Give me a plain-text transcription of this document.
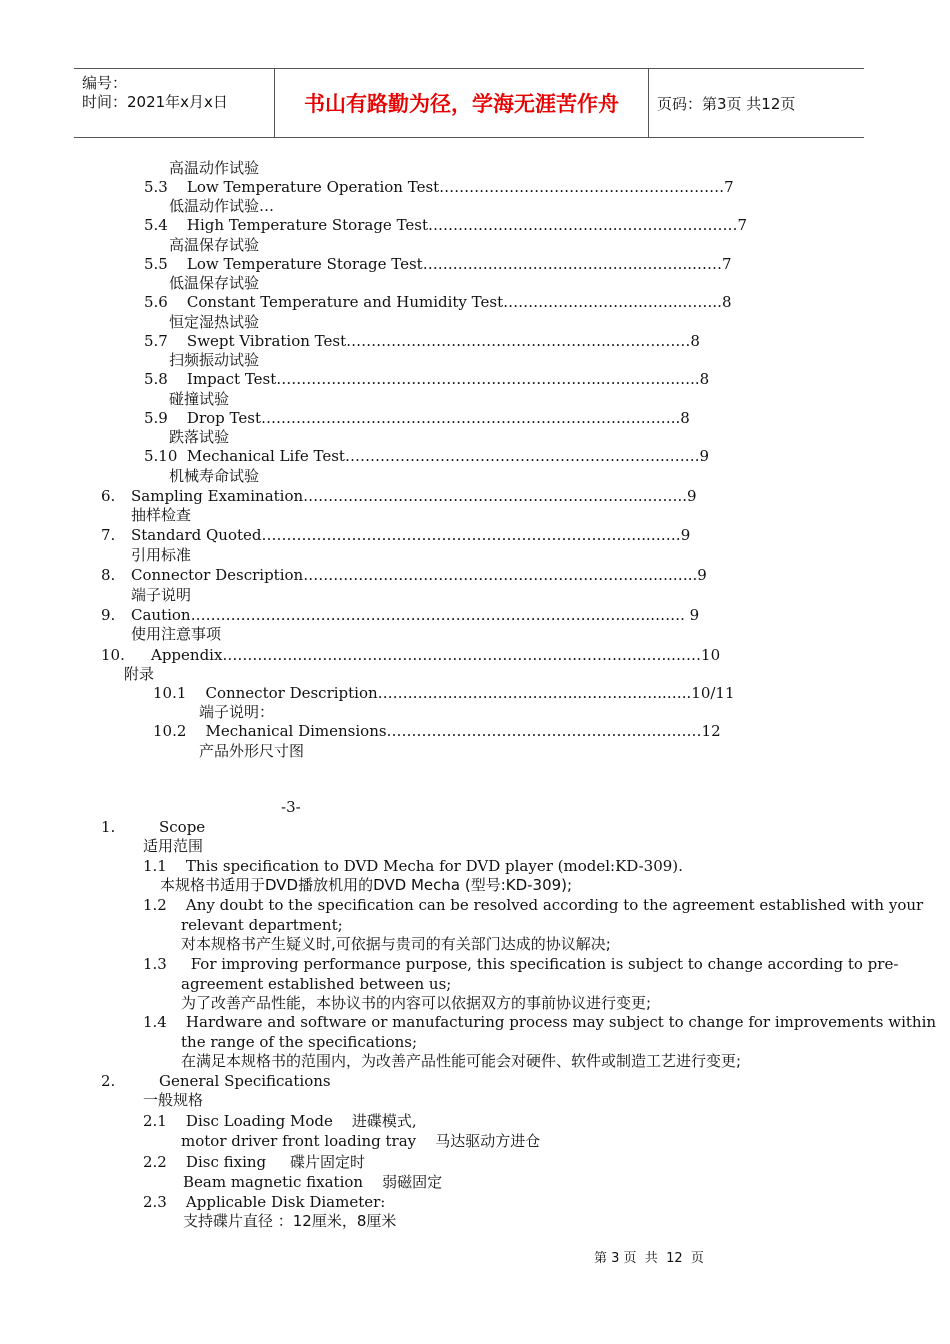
编号：
时间：2021年x月x日	书山有路勤为径，学海无涯苦作舟	页码：第3页 共12页
高温动作试验
5.3    Low Temperature Operation Test…………………………………………………7
低温动作试验…
5.4    High Temperature Storage Test………………………………..……………………7
高温保存试验
5.5    Low Temperature Storage Test…………………………………….………..……7
低温保存试验
5.6    Constant Temperature and Humidity Test……………………….……..……..8
恒定湿热试验
5.7    Swept Vibration Test……………………………………………...……………8
扫频振动试验
5.8    Impact Test………………………………………………………...….……….…..8
碰撞试验
5.9    Drop Test……………………………………………………………….………..8
跌落试验
5.10  Mechanical Life Test……………………………………………………….…….9
机械寿命试验
6. Sampling Examination…………………………………………………………...……..9
抽样检查
7. Standard Quoted……………………………………………………………….…..……9
引用标准
8. Connector Description…………………………………………………………….….…..9
端子说明
9. Caution……………………………………………………………………….……….……. 9
使用注意事项
10. Appendix……………………………………………………………..…………..…..……10
附录
10.1    Connector Description…………………………………..……………..…..10/11
端子说明：
10.2    Mechanical Dimensions………………………………………………………12
产品外形尺寸图
-3-
1.	Scope
适用范围
1.1    This specification to DVD Mecha for DVD player (model:KD-309).
本规格书适用于DVD播放机用的DVD Mecha (型号:KD-309);
1.2    Any doubt to the specification can be resolved according to the agreement established with your
relevant department;
对本规格书产生疑义时,可依据与贵司的有关部门达成的协议解决;
1.3     For improving performance purpose, this specification is subject to change according to pre-
agreement established between us;
为了改善产品性能，本协议书的内容可以依据双方的事前协议进行变更;
1.4    Hardware and software or manufacturing process may subject to change for improvements within
the range of the specifications;
在满足本规格书的范围内，为改善产品性能可能会对硬件、软件或制造工艺进行变更;
2.	General Specifications
一般规格
2.1    Disc Loading Mode    进碟模式,
motor driver front loading tray    马达驱动方进仓
2.2    Disc fixing     碟片固定时
Beam magnetic fixation    弱磁固定
2.3    Applicable Disk Diameter:
支持碟片直径 ：12厘米，8厘米
第 3 页  共  12  页
